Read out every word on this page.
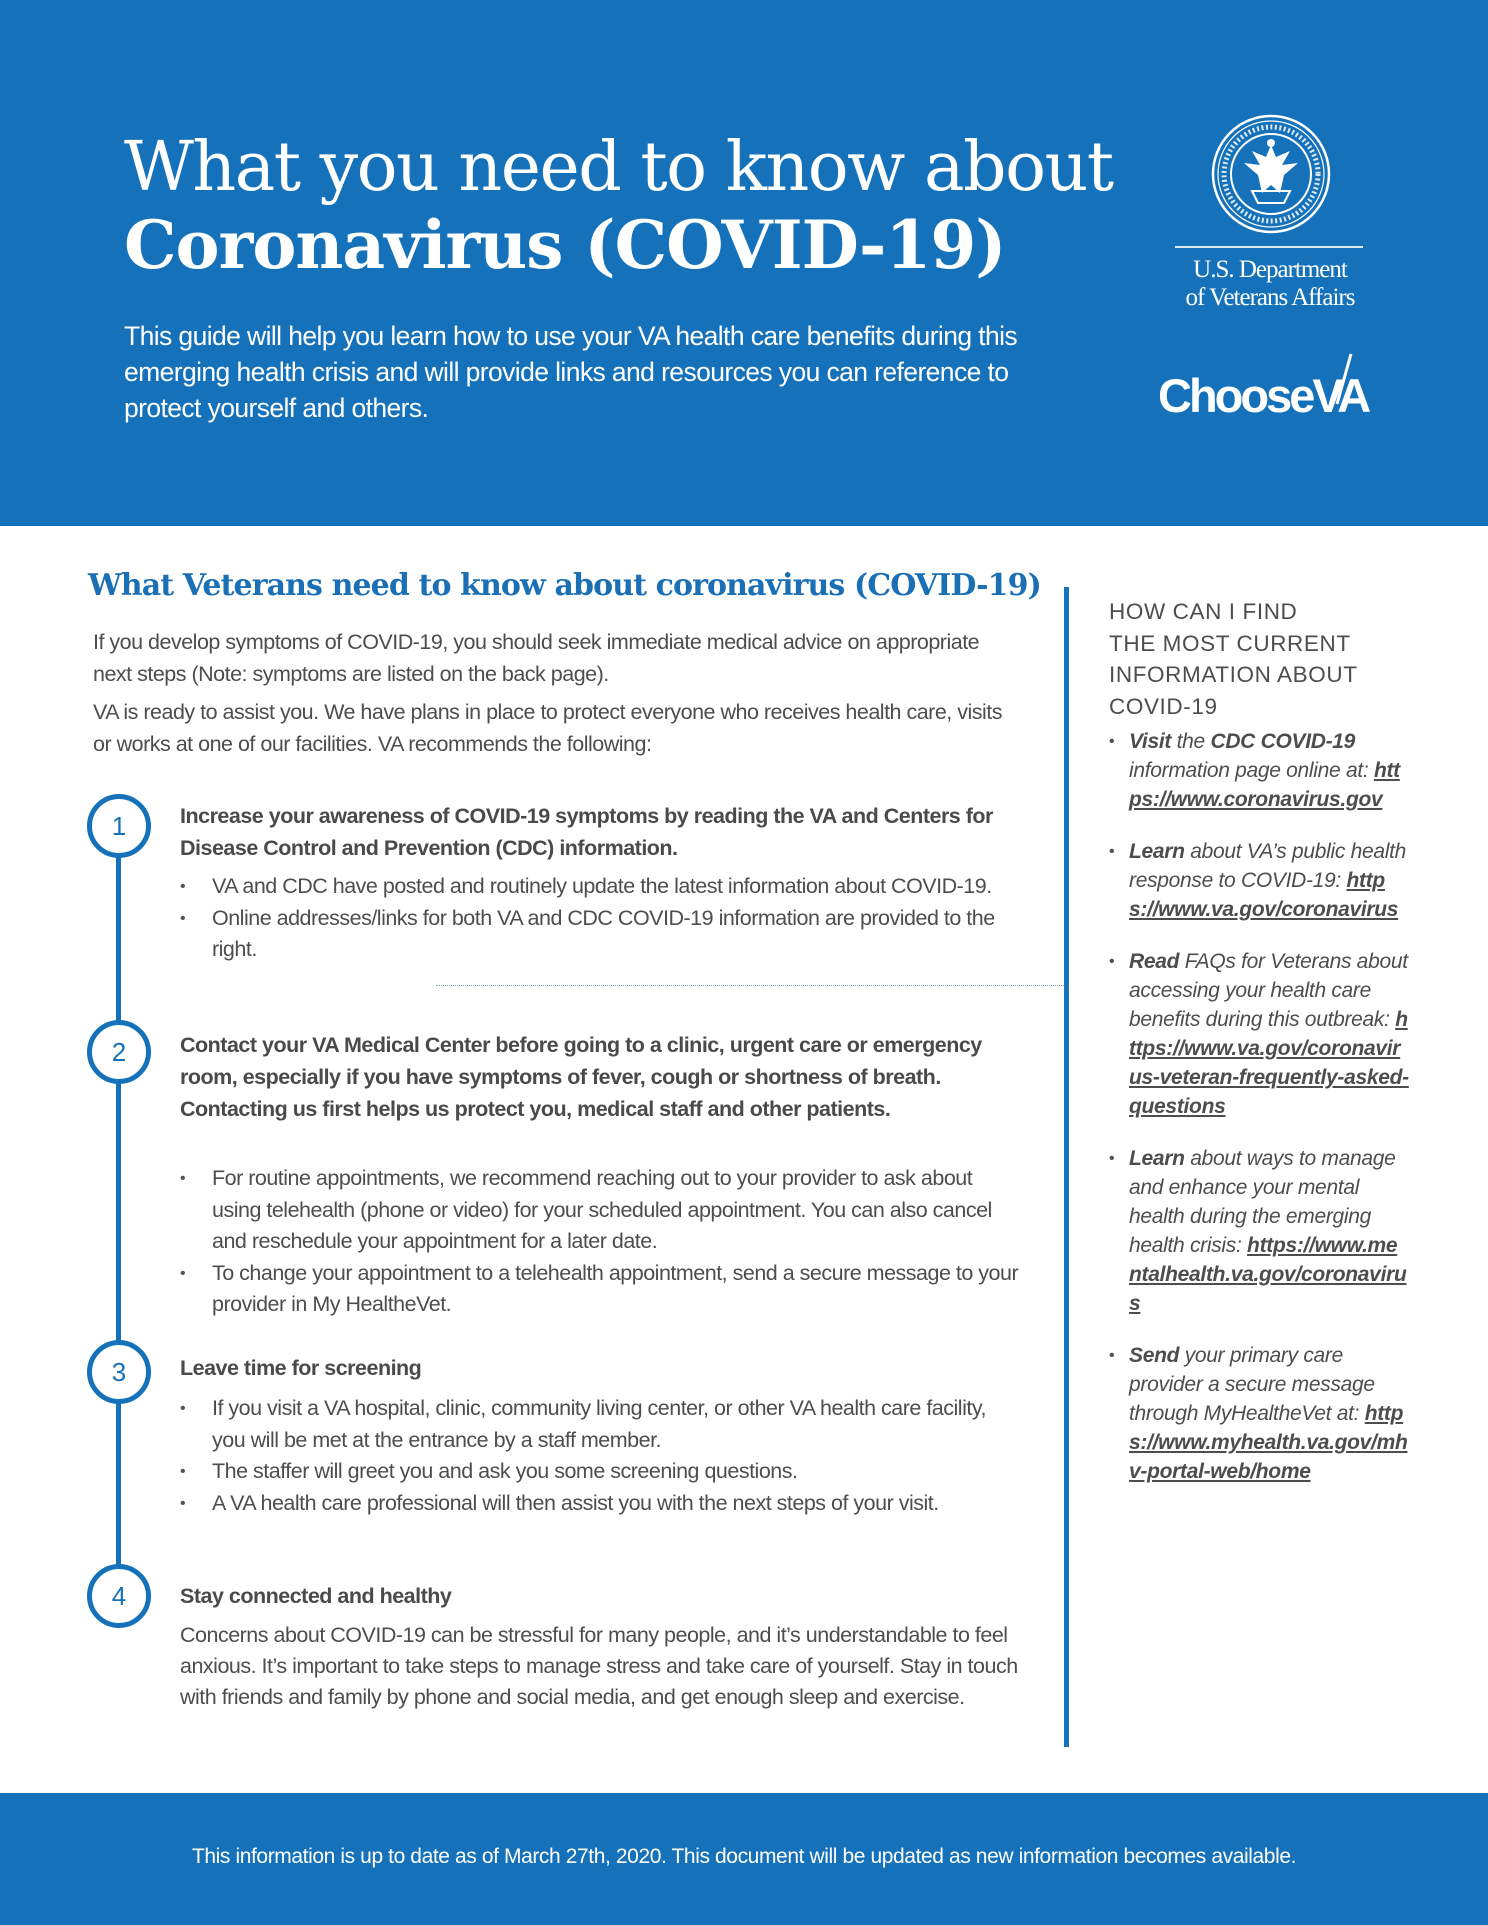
What you need to know about
Coronavirus (COVID-19)
This guide will help you learn how to use your VA health care benefits during this emerging health crisis and will provide links and resources you can reference to protect yourself and others.
U.S. Department
of Veterans Affairs
ChooseVA
What Veterans need to know about coronavirus (COVID-19)
If you develop symptoms of COVID-19, you should seek immediate medical advice on appropriate next steps (Note: symptoms are listed on the back page).
VA is ready to assist you. We have plans in place to protect everyone who receives health care, visits or works at one of our facilities. VA recommends the following:
1	Increase your awareness of COVID-19 symptoms by reading the VA and Centers for Disease Control and Prevention (CDC) information.
• VA and CDC have posted and routinely update the latest information about COVID-19.
• Online addresses/links for both VA and CDC COVID-19 information are provided to the right.
2	Contact your VA Medical Center before going to a clinic, urgent care or emergency room, especially if you have symptoms of fever, cough or shortness of breath. Contacting us first helps us protect you, medical staff and other patients.
• For routine appointments, we recommend reaching out to your provider to ask about using telehealth (phone or video) for your scheduled appointment. You can also cancel and reschedule your appointment for a later date.
• To change your appointment to a telehealth appointment, send a secure message to your provider in My HealtheVet.
3	Leave time for screening
• If you visit a VA hospital, clinic, community living center, or other VA health care facility, you will be met at the entrance by a staff member.
• The staffer will greet you and ask you some screening questions.
• A VA health care professional will then assist you with the next steps of your visit.
4	Stay connected and healthy
Concerns about COVID-19 can be stressful for many people, and it’s understandable to feel anxious. It’s important to take steps to manage stress and take care of yourself. Stay in touch with friends and family by phone and social media, and get enough sleep and exercise.
HOW CAN I FIND
THE MOST CURRENT
INFORMATION ABOUT
COVID-19
• Visit the CDC COVID-19 information page online at: https://www.coronavirus.gov
• Learn about VA’s public health response to COVID-19: https://www.va.gov/coronavirus
• Read FAQs for Veterans about accessing your health care benefits during this outbreak: https://www.va.gov/coronavirus-veteran-frequently-asked-questions
• Learn about ways to manage and enhance your mental health during the emerging health crisis: https://www.mentalhealth.va.gov/coronavirus
• Send your primary care provider a secure message through MyHealtheVet at: https://www.myhealth.va.gov/mhv-portal-web/home
This information is up to date as of March 27th, 2020. This document will be updated as new information becomes available.
